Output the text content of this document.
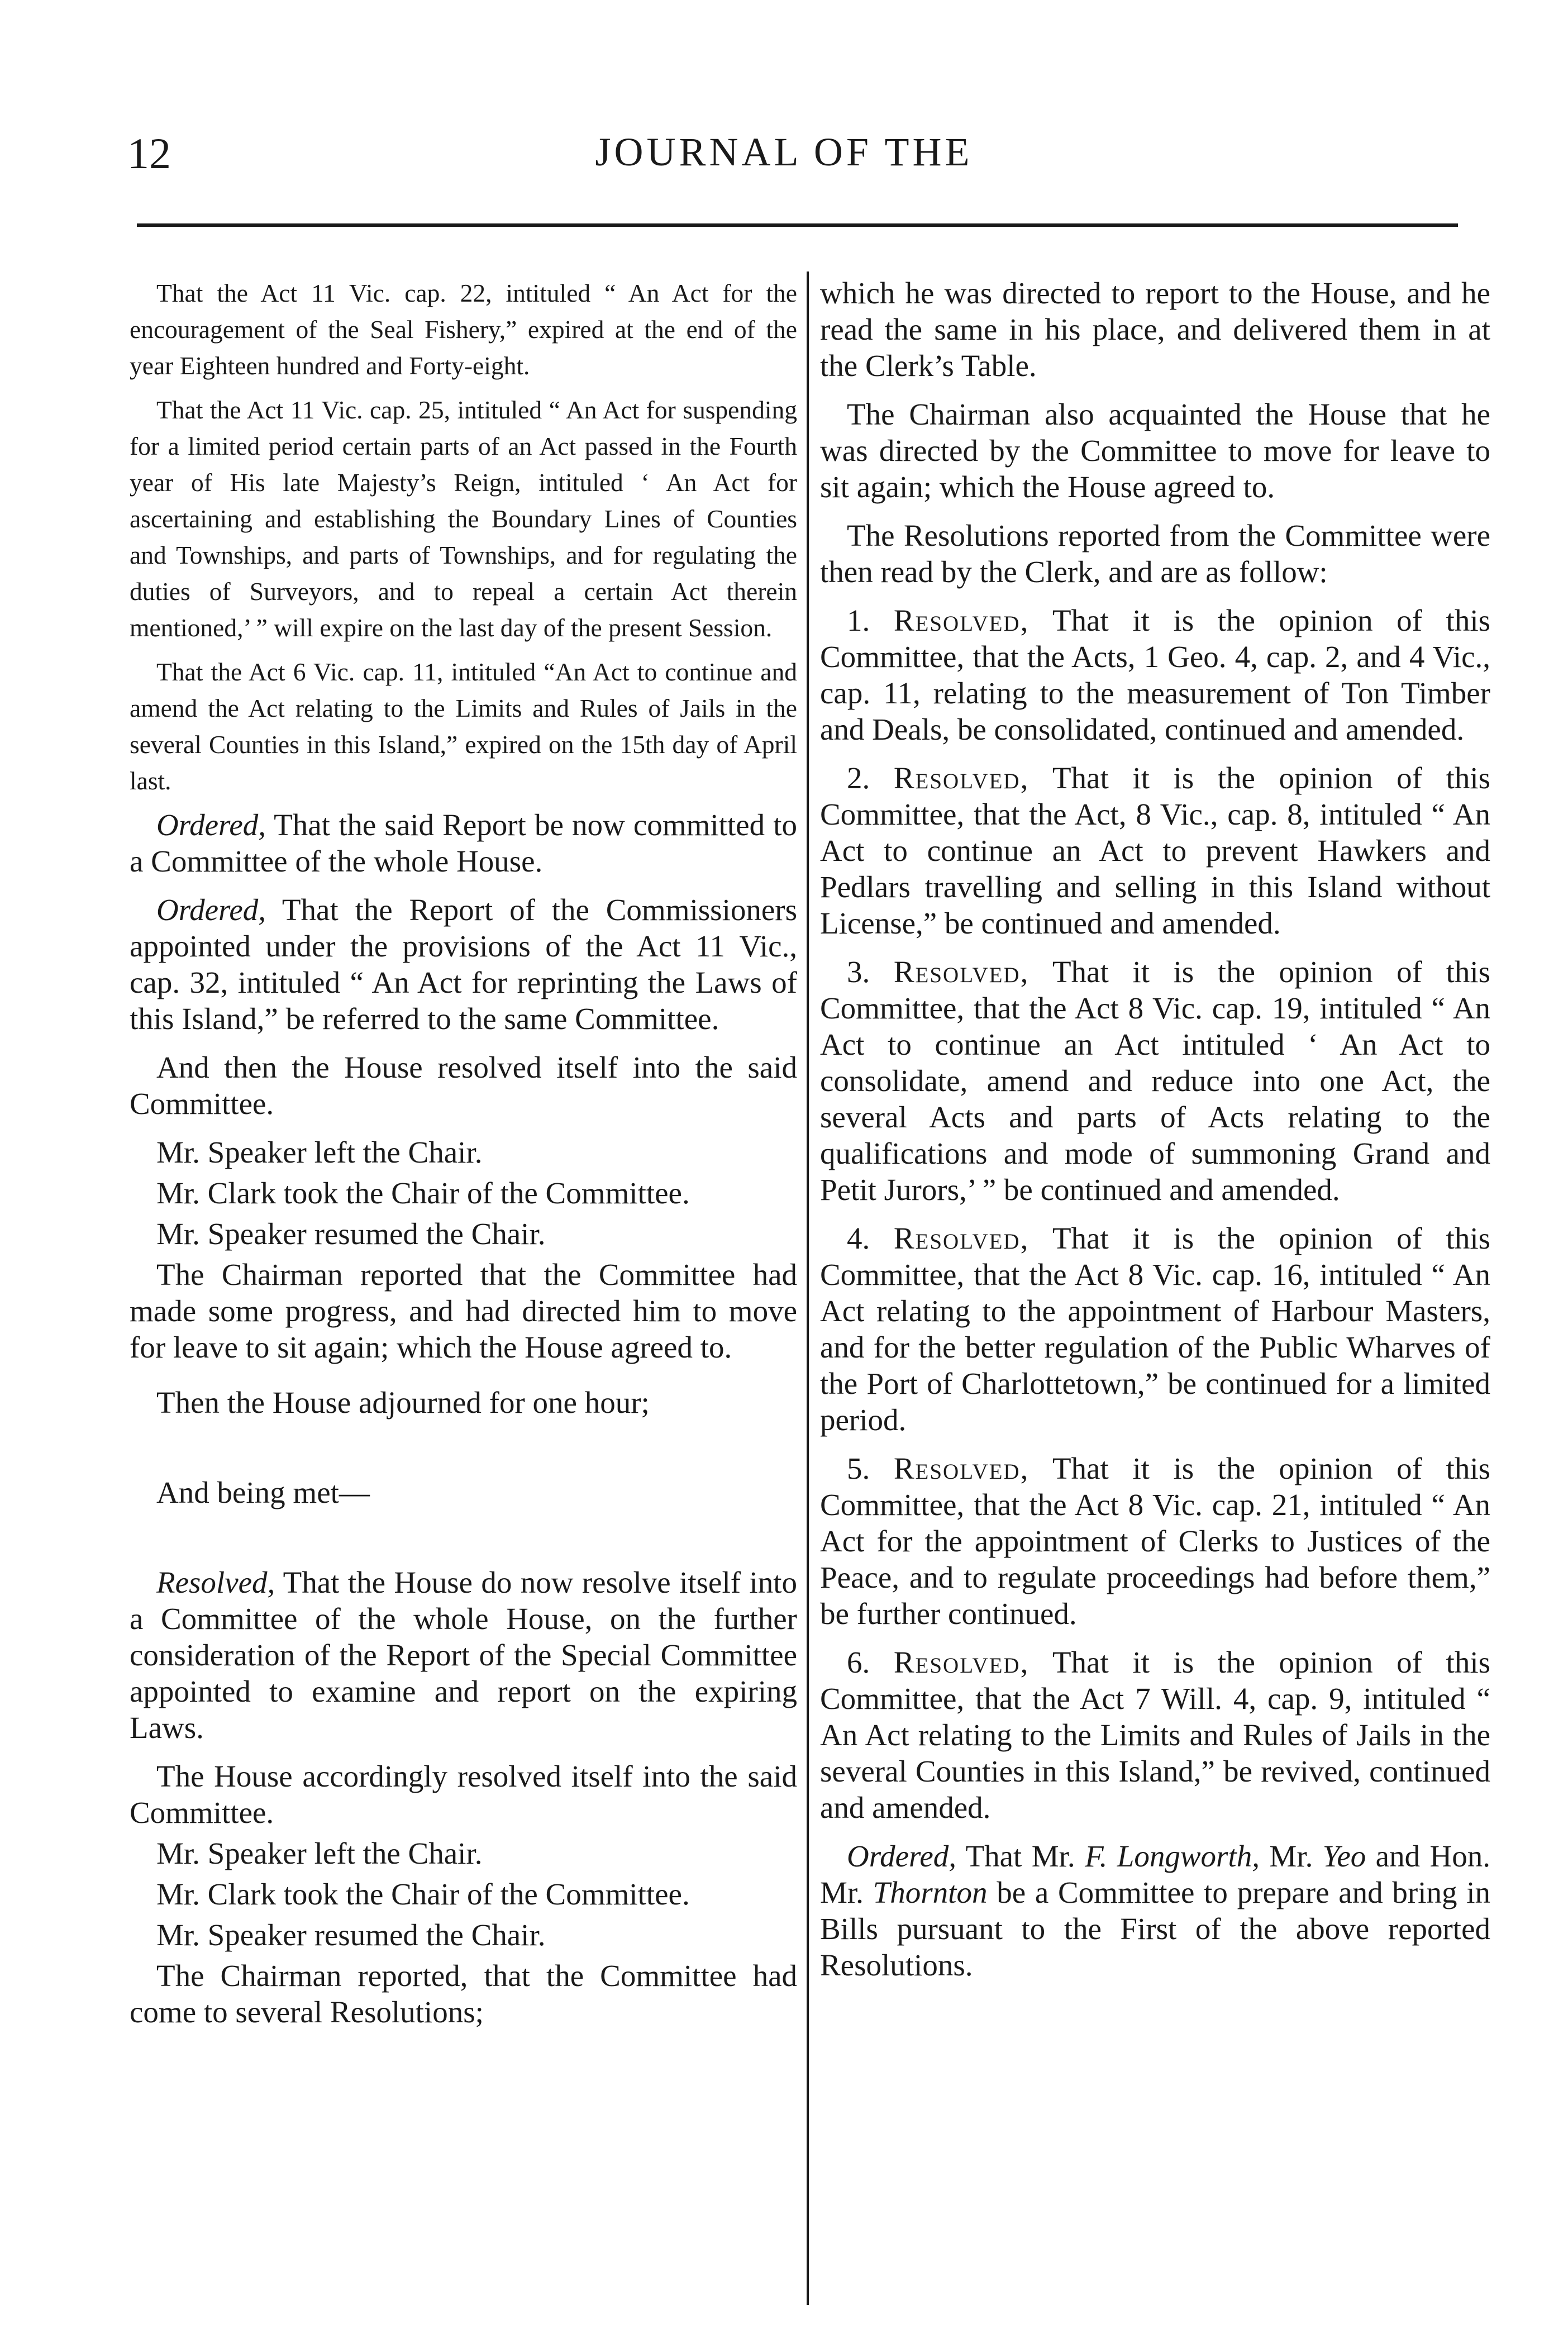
12	JOURNAL OF THE

That the Act 11 Vic. cap. 22, intituled “ An Act for the encouragement of the Seal Fishery,” expired at the end of the year Eighteen hundred and Forty-eight.

That the Act 11 Vic. cap. 25, intituled “ An Act for suspending for a limited period certain parts of an Act passed in the Fourth year of His late Majesty’s Reign, intituled ‘ An Act for ascertaining and establishing the Boundary Lines of Counties and Townships, and parts of Townships, and for regulating the duties of Surveyors, and to repeal a certain Act therein mentioned,’ ” will expire on the last day of the present Session.

That the Act 6 Vic. cap. 11, intituled “An Act to continue and amend the Act relating to the Limits and Rules of Jails in the several Counties in this Island,” expired on the 15th day of April last.

Ordered, That the said Report be now committed to a Committee of the whole House.

Ordered, That the Report of the Commissioners appointed under the provisions of the Act 11 Vic., cap. 32, intituled “ An Act for reprinting the Laws of this Island,” be referred to the same Committee.

And then the House resolved itself into the said Committee.

Mr. Speaker left the Chair.

Mr. Clark took the Chair of the Committee.

Mr. Speaker resumed the Chair.

The Chairman reported that the Committee had made some progress, and had directed him to move for leave to sit again; which the House agreed to.

Then the House adjourned for one hour;

And being met—

Resolved, That the House do now resolve itself into a Committee of the whole House, on the further consideration of the Report of the Special Committee appointed to examine and report on the expiring Laws.

The House accordingly resolved itself into the said Committee.

Mr. Speaker left the Chair.

Mr. Clark took the Chair of the Committee.

Mr. Speaker resumed the Chair.

The Chairman reported, that the Committee had come to several Resolutions;

which he was directed to report to the House, and he read the same in his place, and delivered them in at the Clerk’s Table.

The Chairman also acquainted the House that he was directed by the Committee to move for leave to sit again; which the House agreed to.

The Resolutions reported from the Committee were then read by the Clerk, and are as follow:

1. Resolved, That it is the opinion of this Committee, that the Acts, 1 Geo. 4, cap. 2, and 4 Vic., cap. 11, relating to the measurement of Ton Timber and Deals, be consolidated, continued and amended.

2. Resolved, That it is the opinion of this Committee, that the Act, 8 Vic., cap. 8, intituled “ An Act to continue an Act to prevent Hawkers and Pedlars travelling and selling in this Island without License,” be continued and amended.

3. Resolved, That it is the opinion of this Committee, that the Act 8 Vic. cap. 19, intituled “ An Act to continue an Act intituled ‘ An Act to consolidate, amend and reduce into one Act, the several Acts and parts of Acts relating to the qualifications and mode of summoning Grand and Petit Jurors,’ ” be continued and amended.

4. Resolved, That it is the opinion of this Committee, that the Act 8 Vic. cap. 16, intituled “ An Act relating to the appointment of Harbour Masters, and for the better regulation of the Public Wharves of the Port of Charlottetown,” be continued for a limited period.

5. Resolved, That it is the opinion of this Committee, that the Act 8 Vic. cap. 21, intituled “ An Act for the appointment of Clerks to Justices of the Peace, and to regulate proceedings had before them,” be further continued.

6. Resolved, That it is the opinion of this Committee, that the Act 7 Will. 4, cap. 9, intituled “ An Act relating to the Limits and Rules of Jails in the several Counties in this Island,” be revived, continued and amended.

Ordered, That Mr. F. Longworth, Mr. Yeo and Hon. Mr. Thornton be a Committee to prepare and bring in Bills pursuant to the First of the above reported Resolutions.
